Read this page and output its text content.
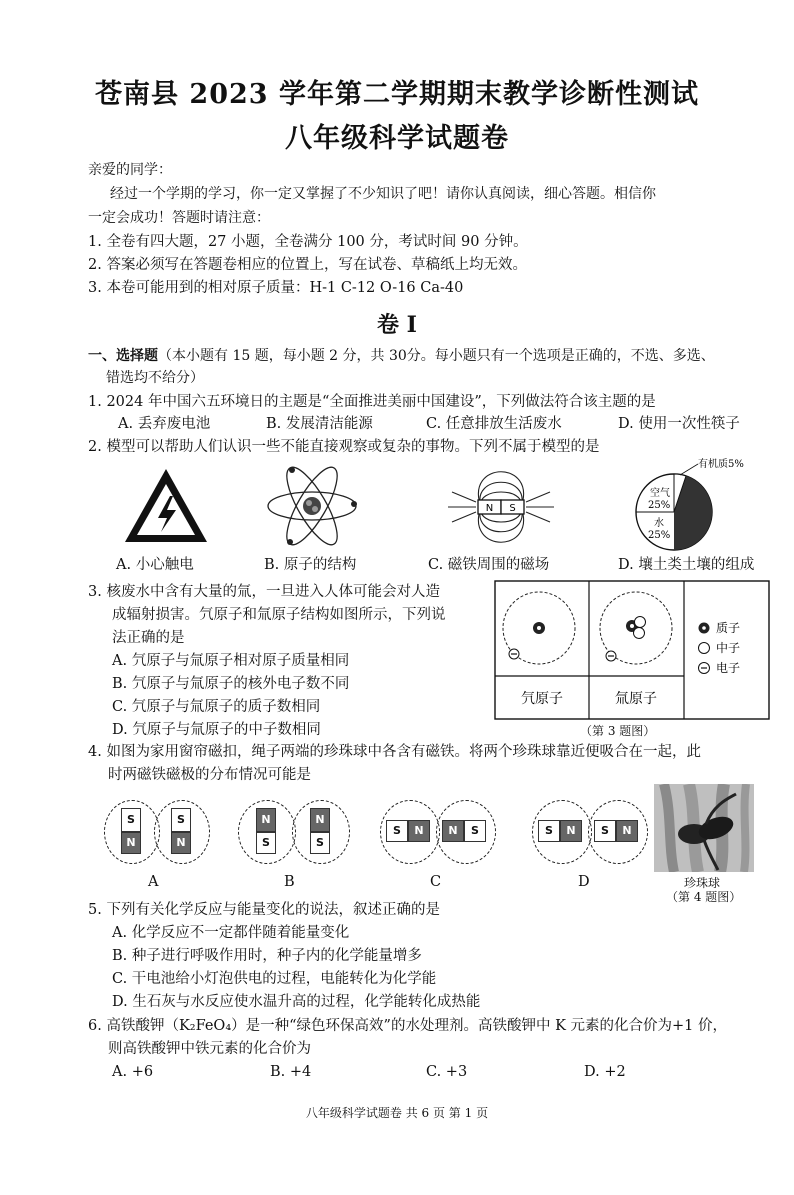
苍南县 2023 学年第二学期期末教学诊断性测试
八年级科学试题卷
亲爱的同学：
经过一个学期的学习，你一定又掌握了不少知识了吧！请你认真阅读，细心答题。相信你
一定会成功！答题时请注意：
1. 全卷有四大题，27 小题，全卷满分 100 分，考试时间 90 分钟。
2. 答案必须写在答题卷相应的位置上，写在试卷、草稿纸上均无效。
3. 本卷可能用到的相对原子质量：H-1 C-12 O-16 Ca-40
卷 Ⅰ
一、选择题（本小题有 15 题，每小题 2 分，共 30分。每小题只有一个选项是正确的，不选、多选、
错选均不给分）
1. 2024 年中国六五环境日的主题是“全面推进美丽中国建设”，下列做法符合该主题的是
A. 丢弃废电池	B. 发展清洁能源	C. 任意排放生活废水	D. 使用一次性筷子
2. 模型可以帮助人们认识一些不能直接观察或复杂的事物。下列不属于模型的是
N S
有机质5%
空气
25%
水
25%
A. 小心触电	B. 原子的结构	C. 磁铁周围的磁场	D. 壤土类土壤的组成
3. 核废水中含有大量的氚，一旦进入人体可能会对人造
成辐射损害。氕原子和氚原子结构如图所示，下列说
法正确的是
A. 氕原子与氚原子相对原子质量相同
B. 氕原子与氚原子的核外电子数不同
C. 氕原子与氚原子的质子数相同
D. 氕原子与氚原子的中子数相同
质子
中子
电子
氕原子	氚原子
（第 3 题图）
4. 如图为家用窗帘磁扣，绳子两端的珍珠球中各含有磁铁。将两个珍珠球靠近便吸合在一起，此
时两磁铁磁极的分布情况可能是
S
N
S
N
A
N
S
N
S
B
S	N	N	S
C
S	N	S	N
D	珍珠球
（第 4 题图）
5. 下列有关化学反应与能量变化的说法，叙述正确的是
A. 化学反应不一定都伴随着能量变化
B. 种子进行呼吸作用时，种子内的化学能量增多
C. 干电池给小灯泡供电的过程，电能转化为化学能
D. 生石灰与水反应使水温升高的过程，化学能转化成热能
6. 高铁酸钾（K₂FeO₄）是一种“绿色环保高效”的水处理剂。高铁酸钾中 K 元素的化合价为+1 价，
则高铁酸钾中铁元素的化合价为
A. +6	B. +4	C. +3	D. +2
八年级科学试题卷 共 6 页 第 1 页
